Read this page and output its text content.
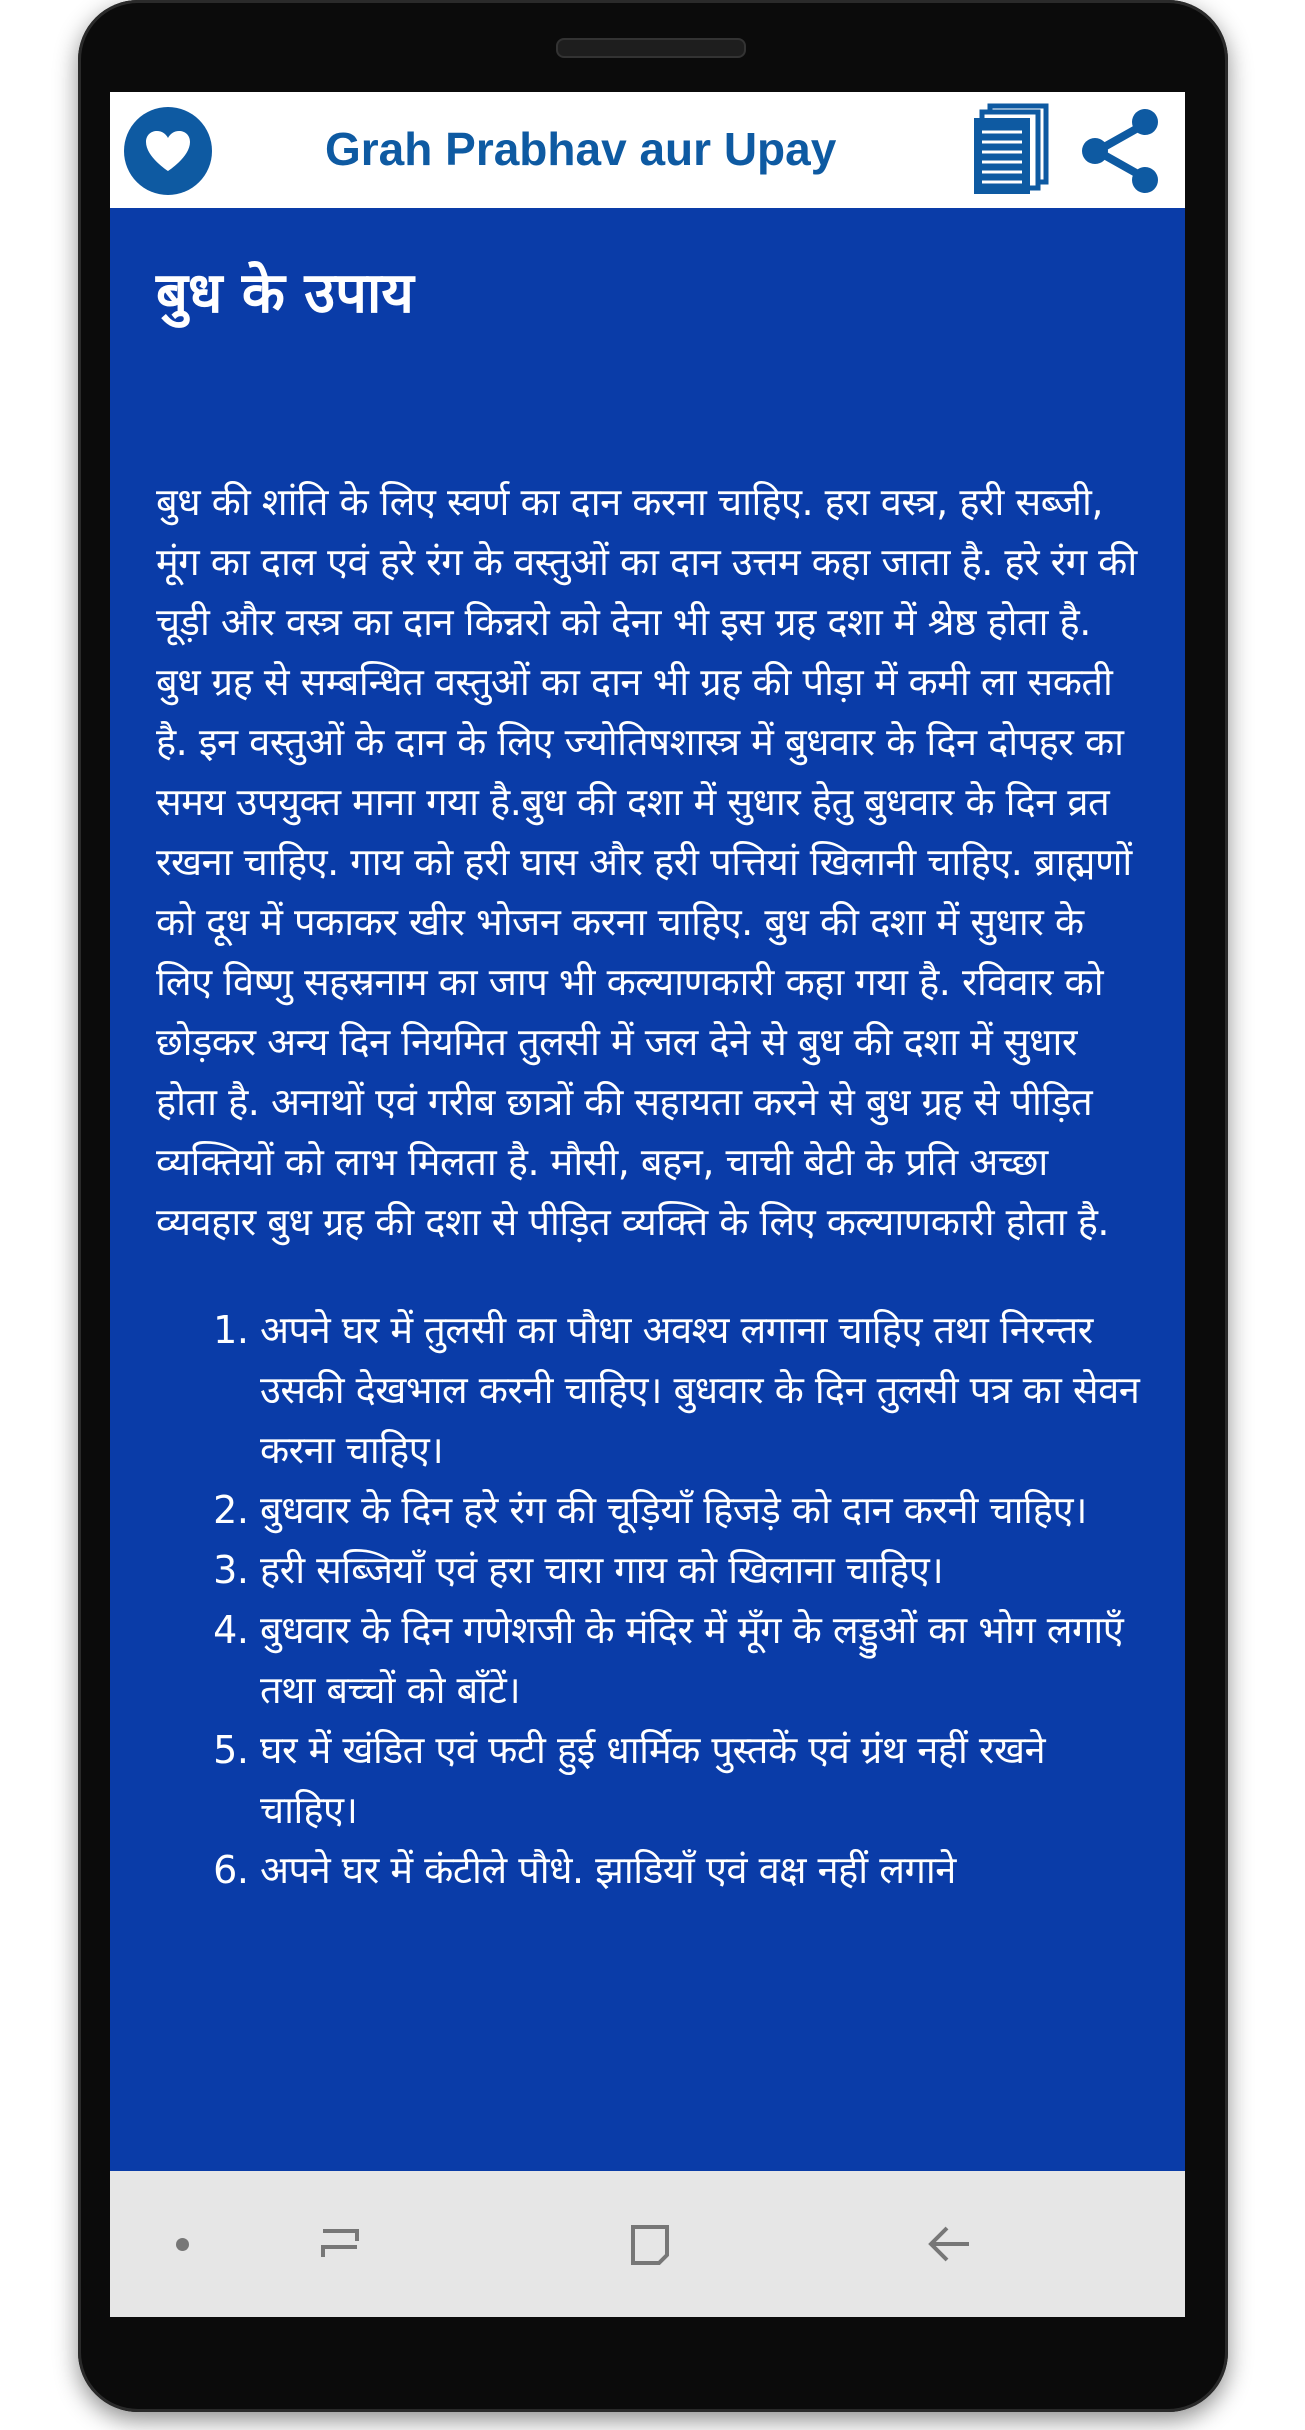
Grah Prabhav aur Upay
बुध के उपाय

बुध की शांति के लिए स्वर्ण का दान करना चाहिए. हरा वस्त्र, हरी सब्जी, मूंग का दाल एवं हरे रंग के वस्तुओं का दान उत्तम कहा जाता है. हरे रंग की चूड़ी और वस्त्र का दान किन्नरो को देना भी इस ग्रह दशा में श्रेष्ठ होता है. बुध ग्रह से सम्बन्धित वस्तुओं का दान भी ग्रह की पीड़ा में कमी ला सकती है. इन वस्तुओं के दान के लिए ज्योतिषशास्त्र में बुधवार के दिन दोपहर का समय उपयुक्त माना गया है.बुध की दशा में सुधार हेतु बुधवार के दिन व्रत रखना चाहिए. गाय को हरी घास और हरी पत्तियां खिलानी चाहिए. ब्राह्मणों को दूध में पकाकर खीर भोजन करना चाहिए. बुध की दशा में सुधार के लिए विष्णु सहस्रनाम का जाप भी कल्याणकारी कहा गया है. रविवार को छोड़कर अन्य दिन नियमित तुलसी में जल देने से बुध की दशा में सुधार होता है. अनाथों एवं गरीब छात्रों की सहायता करने से बुध ग्रह से पीड़ित व्यक्तियों को लाभ मिलता है. मौसी, बहन, चाची बेटी के प्रति अच्छा व्यवहार बुध ग्रह की दशा से पीड़ित व्यक्ति के लिए कल्याणकारी होता है.

1. अपने घर में तुलसी का पौधा अवश्य लगाना चाहिए तथा निरन्तर उसकी देखभाल करनी चाहिए। बुधवार के दिन तुलसी पत्र का सेवन करना चाहिए।
2. बुधवार के दिन हरे रंग की चूड़ियाँ हिजड़े को दान करनी चाहिए।
3. हरी सब्जियाँ एवं हरा चारा गाय को खिलाना चाहिए।
4. बुधवार के दिन गणेशजी के मंदिर में मूँग के लड्डुओं का भोग लगाएँ तथा बच्चों को बाँटें।
5. घर में खंडित एवं फटी हुई धार्मिक पुस्तकें एवं ग्रंथ नहीं रखने चाहिए।
6. अपने घर में कंटीले पौधे. झाडियाँ एवं वक्ष नहीं लगाने
